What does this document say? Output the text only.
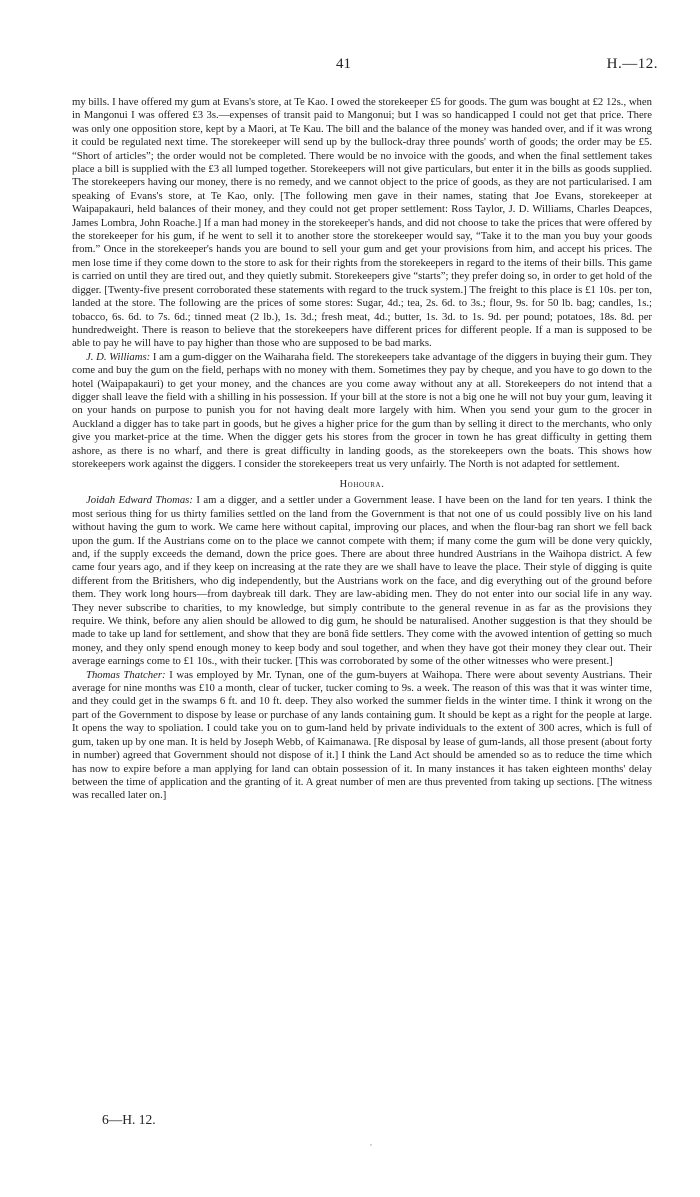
41	H.—12.

my bills. I have offered my gum at Evans's store, at Te Kao. I owed the storekeeper £5 for goods. The gum was bought at £2 12s., when in Mangonui I was offered £3 3s.—expenses of transit paid to Mangonui; but I was so handicapped I could not get that price. There was only one opposition store, kept by a Maori, at Te Kau. The bill and the balance of the money was handed over, and if it was wrong it could be regulated next time. The storekeeper will send up by the bullock-dray three pounds' worth of goods; the order may be £5. “Short of articles”; the order would not be completed. There would be no invoice with the goods, and when the final settlement takes place a bill is supplied with the £3 all lumped together. Storekeepers will not give particulars, but enter it in the bills as goods supplied. The storekeepers having our money, there is no remedy, and we cannot object to the price of goods, as they are not particularised. I am speaking of Evans's store, at Te Kao, only. [The following men gave in their names, stating that Joe Evans, storekeeper at Waipapakauri, held balances of their money, and they could not get proper settlement: Ross Taylor, J. D. Williams, Charles Deapces, James Lombra, John Roache.] If a man had money in the storekeeper's hands, and did not choose to take the prices that were offered by the storekeeper for his gum, if he went to sell it to another store the storekeeper would say, “Take it to the man you buy your goods from.” Once in the storekeeper's hands you are bound to sell your gum and get your provisions from him, and accept his prices. The men lose time if they come down to the store to ask for their rights from the storekeepers in regard to the items of their bills. This game is carried on until they are tired out, and they quietly submit. Storekeepers give “starts”; they prefer doing so, in order to get hold of the digger. [Twenty-five present corroborated these statements with regard to the truck system.] The freight to this place is £1 10s. per ton, landed at the store. The following are the prices of some stores: Sugar, 4d.; tea, 2s. 6d. to 3s.; flour, 9s. for 50 lb. bag; candles, 1s.; tobacco, 6s. 6d. to 7s. 6d.; tinned meat (2 lb.), 1s. 3d.; fresh meat, 4d.; butter, 1s. 3d. to 1s. 9d. per pound; potatoes, 18s. 8d. per hundredweight. There is reason to believe that the storekeepers have different prices for different people. If a man is supposed to be able to pay he will have to pay higher than those who are supposed to be bad marks.

J. D. Williams: I am a gum-digger on the Waiharaha field. The storekeepers take advantage of the diggers in buying their gum. They come and buy the gum on the field, perhaps with no money with them. Sometimes they pay by cheque, and you have to go down to the hotel (Waipapakauri) to get your money, and the chances are you come away without any at all. Storekeepers do not intend that a digger shall leave the field with a shilling in his possession. If your bill at the store is not a big one he will not buy your gum, leaving it on your hands on purpose to punish you for not having dealt more largely with him. When you send your gum to the grocer in Auckland a digger has to take part in goods, but he gives a higher price for the gum than by selling it direct to the merchants, who only give you market-price at the time. When the digger gets his stores from the grocer in town he has great difficulty in getting them ashore, as there is no wharf, and there is great difficulty in landing goods, as the storekeepers own the boats. This shows how storekeepers work against the diggers. I consider the storekeepers treat us very unfairly. The North is not adapted for settlement.

Hohoura.

Joidah Edward Thomas: I am a digger, and a settler under a Government lease. I have been on the land for ten years. I think the most serious thing for us thirty families settled on the land from the Government is that not one of us could possibly live on his land without having the gum to work. We came here without capital, improving our places, and when the flour-bag ran short we fell back upon the gum. If the Austrians come on to the place we cannot compete with them; if many come the gum will be done very quickly, and, if the supply exceeds the demand, down the price goes. There are about three hundred Austrians in the Waihopa district. A few came four years ago, and if they keep on increasing at the rate they are we shall have to leave the place. Their style of digging is quite different from the Britishers, who dig independently, but the Austrians work on the face, and dig everything out of the ground before them. They work long hours—from daybreak till dark. They are law-abiding men. They do not enter into our social life in any way. They never subscribe to charities, to my knowledge, but simply contribute to the general revenue in as far as the provisions they require. We think, before any alien should be allowed to dig gum, he should be naturalised. Another suggestion is that they should be made to take up land for settlement, and show that they are bonâ fide settlers. They come with the avowed intention of getting so much money, and they only spend enough money to keep body and soul together, and when they have got their money they clear out. Their average earnings come to £1 10s., with their tucker. [This was corroborated by some of the other witnesses who were present.]

Thomas Thatcher: I was employed by Mr. Tynan, one of the gum-buyers at Waihopa. There were about seventy Austrians. Their average for nine months was £10 a month, clear of tucker, tucker coming to 9s. a week. The reason of this was that it was winter time, and they could get in the swamps 6 ft. and 10 ft. deep. They also worked the summer fields in the winter time. I think it wrong on the part of the Government to dispose by lease or purchase of any lands containing gum. It should be kept as a right for the people at large. It opens the way to spoliation. I could take you on to gum-land held by private individuals to the extent of 300 acres, which is full of gum, taken up by one man. It is held by Joseph Webb, of Kaimanawa. [Re disposal by lease of gum-lands, all those present (about forty in number) agreed that Government should not dispose of it.] I think the Land Act should be amended so as to reduce the time which has now to expire before a man applying for land can obtain possession of it. In many instances it has taken eighteen months' delay between the time of application and the granting of it. A great number of men are thus prevented from taking up sections. [The witness was recalled later on.]

6—H. 12.
,
